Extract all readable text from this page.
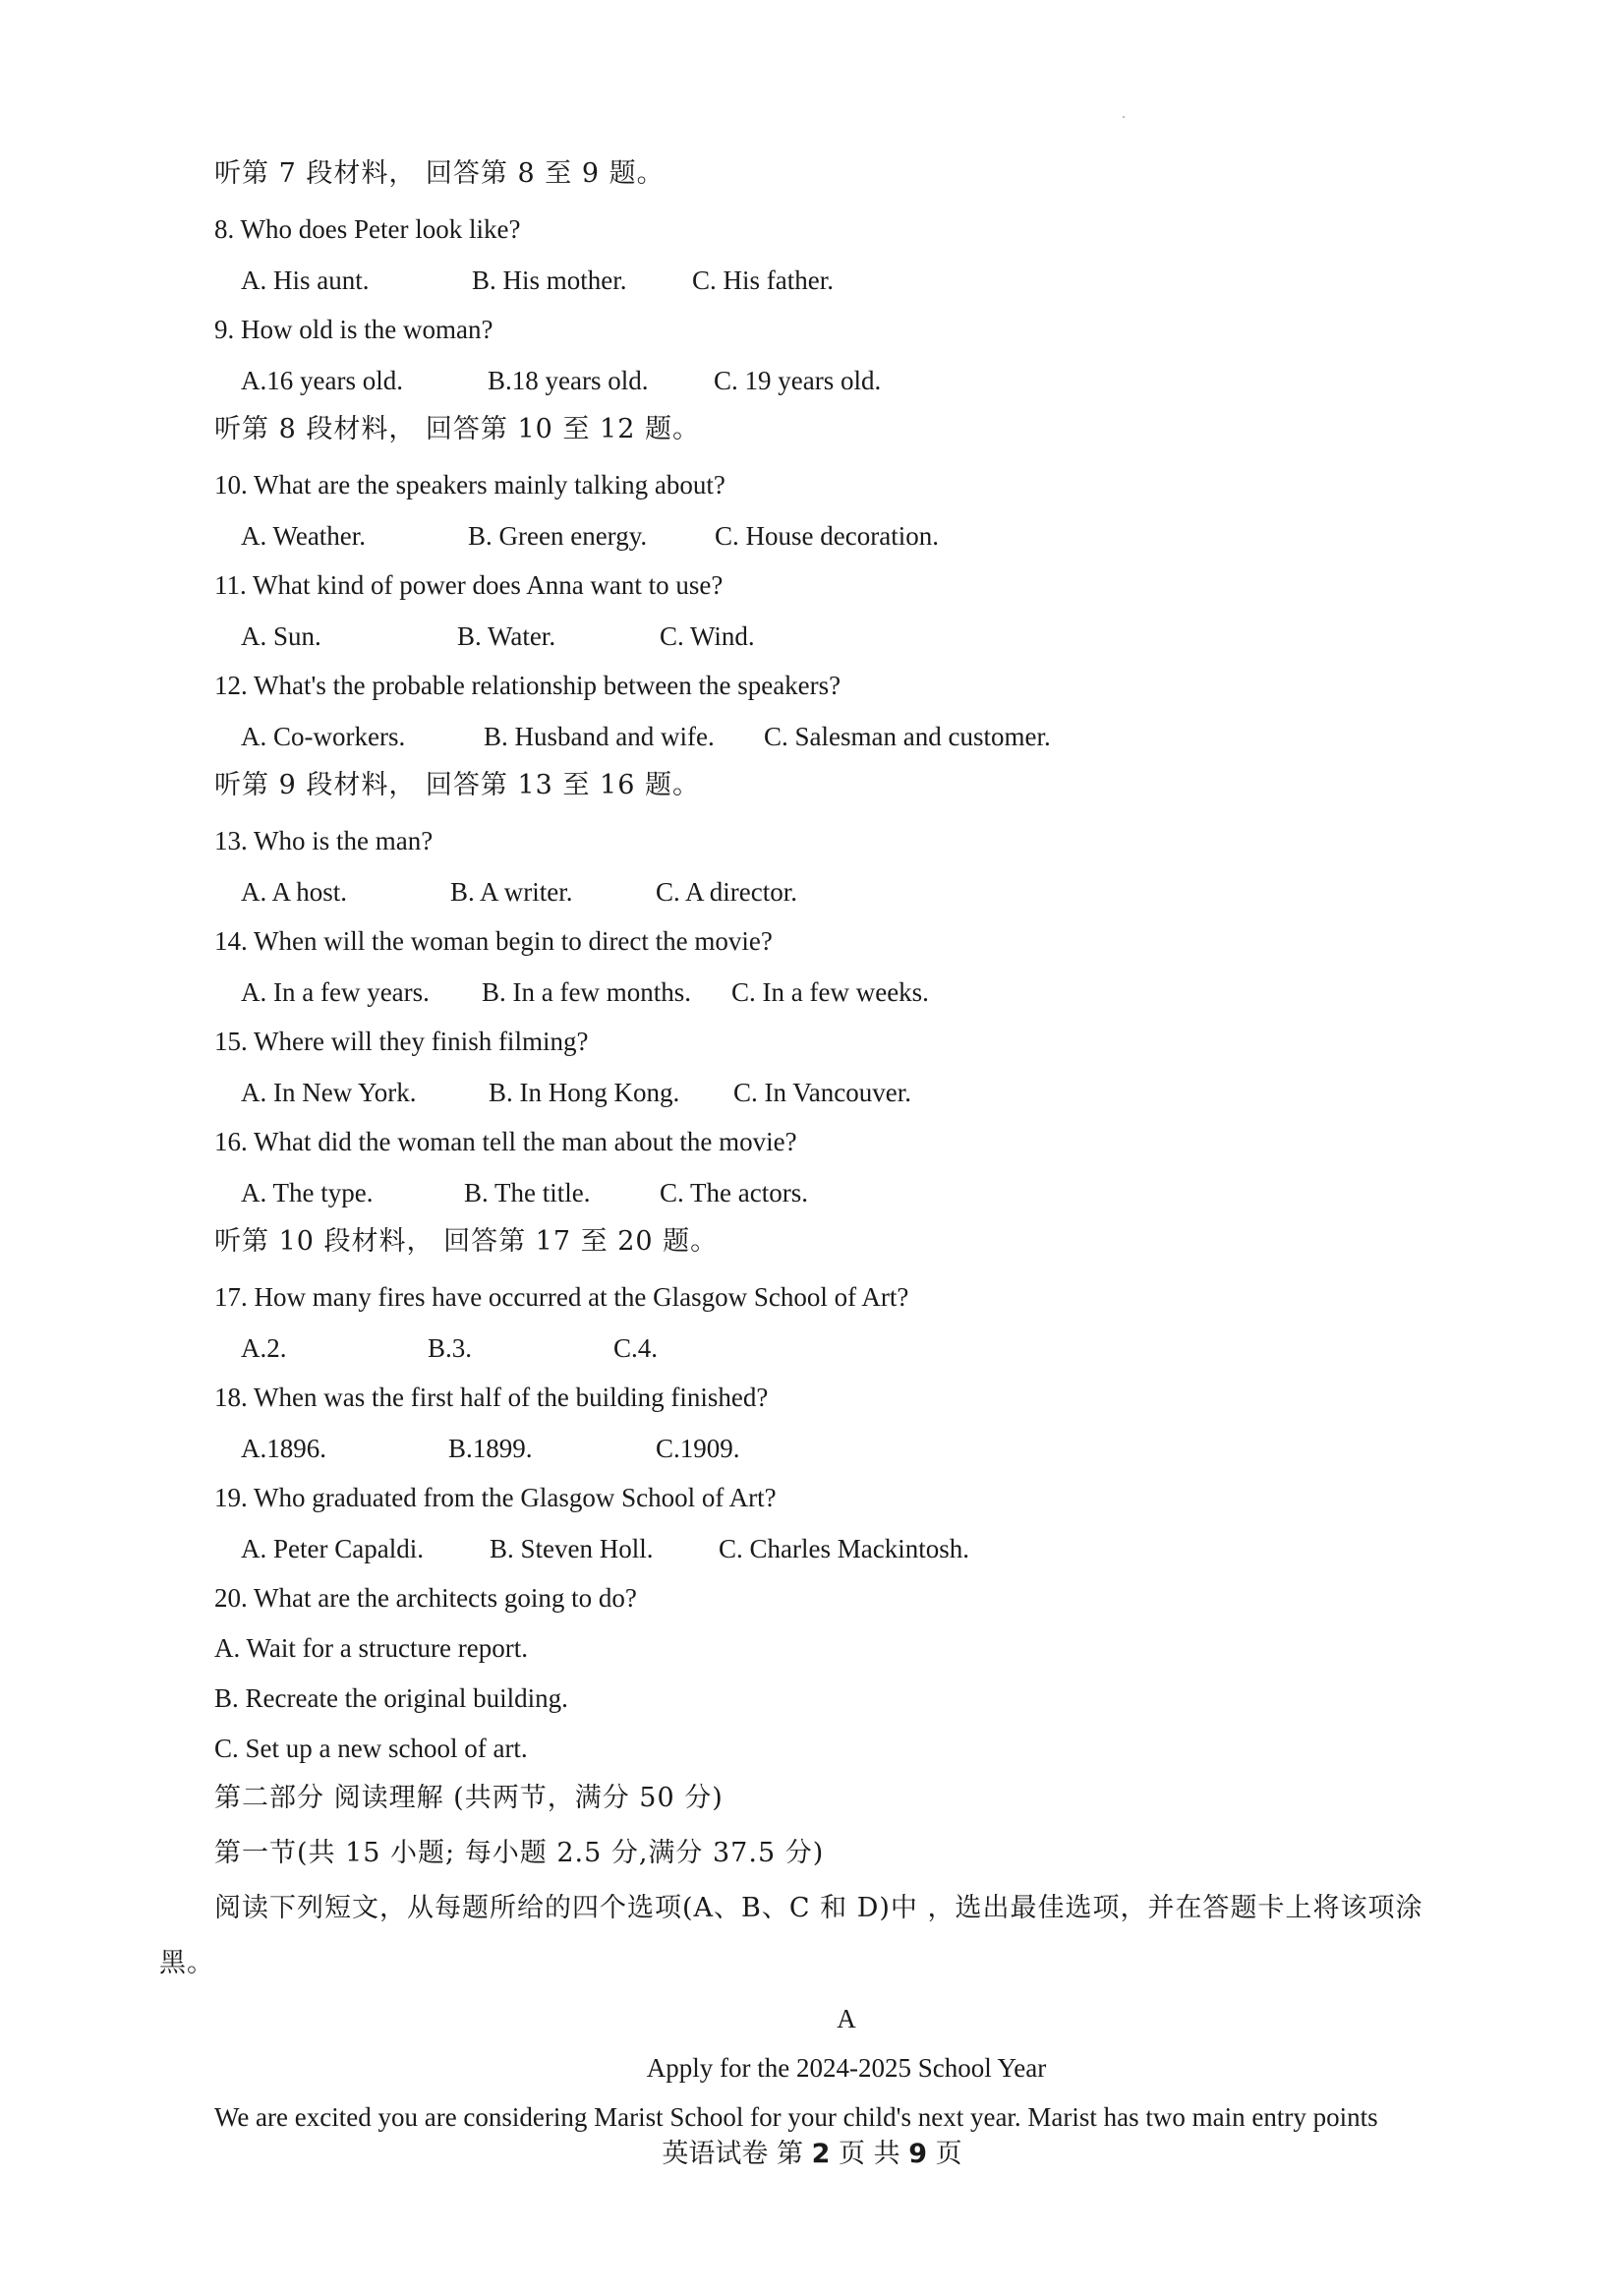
听第 7 段材料， 回答第 8 至 9 题。
8. Who does Peter look like?
A. His aunt.	B. His mother. C. His father.
9. How old is the woman?
A.16 years old.	B.18 years old. C. 19 years old.
听第 8 段材料， 回答第 10 至 12 题。
10. What are the speakers mainly talking about?
A. Weather.	B. Green energy.	C. House decoration.
11. What kind of power does Anna want to use?
A. Sun.	B. Water.	C. Wind.
12. What's the probable relationship between the speakers?
A. Co-workers.	B. Husband and wife. C. Salesman and customer.
听第 9 段材料， 回答第 13 至 16 题。
13. Who is the man?
A. A host.	B. A writer.	C. A director.
14. When will the woman begin to direct the movie?
A. In a few years. B. In a few months. C. In a few weeks.
15. Where will they finish filming?
A. In New York.	B. In Hong Kong. C. In Vancouver.
16. What did the woman tell the man about the movie?
A. The type.	B. The title.	C. The actors.
听第 10 段材料， 回答第 17 至 20 题。
17. How many fires have occurred at the Glasgow School of Art?
A.2.	B.3.	C.4.
18. When was the first half of the building finished?
A.1896.	B.1899.	C.1909.
19. Who graduated from the Glasgow School of Art?
A. Peter Capaldi. B. Steven Holl. C. Charles Mackintosh.
20. What are the architects going to do?
A. Wait for a structure report.
B. Recreate the original building.
C. Set up a new school of art.
第二部分 阅读理解 (共两节，满分 50 分)
第一节(共 15 小题; 每小题 2.5 分,满分 37.5 分)
阅读下列短文，从每题所给的四个选项(A、B、C 和 D)中 ，选出最佳选项，并在答题卡上将该项涂
黑。
A
Apply for the 2024-2025 School Year
We are excited you are considering Marist School for your child's next year. Marist has two main entry points
英语试卷 第 2 页 共 9 页
